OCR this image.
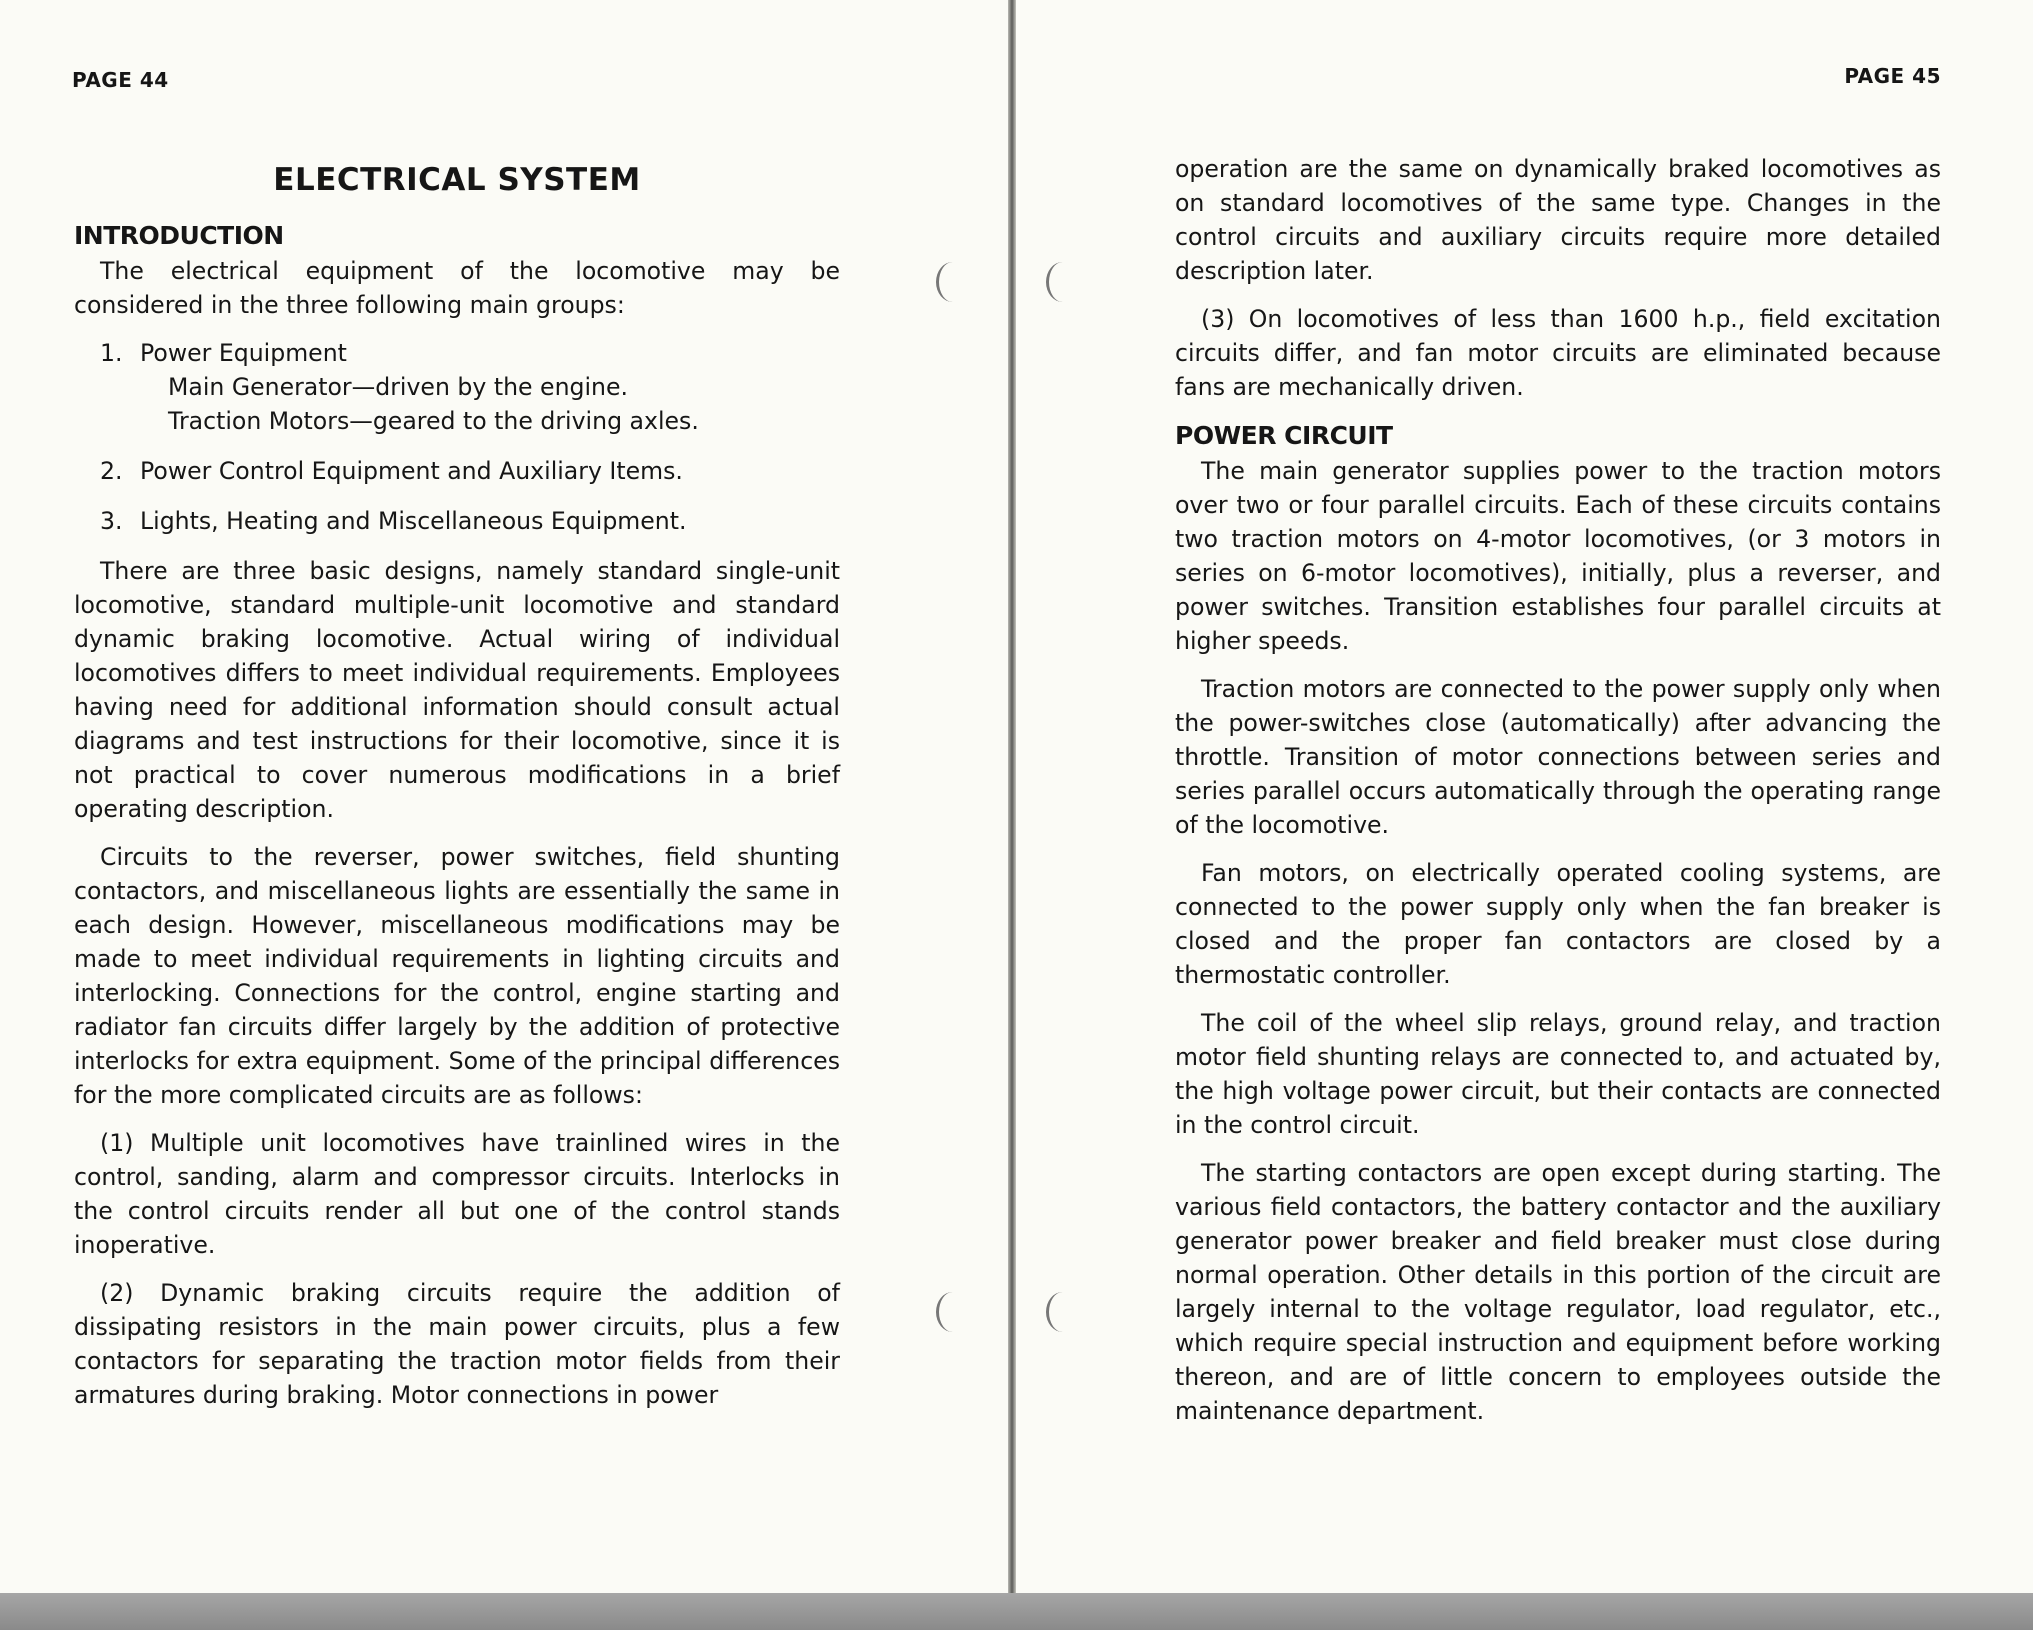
PAGE 44
ELECTRICAL SYSTEM
INTRODUCTION

The electrical equipment of the locomotive may be considered in the three following main groups:

1. Power Equipment
Main Generator—driven by the engine.
Traction Motors—geared to the driving axles.
2. Power Control Equipment and Auxiliary Items.
3. Lights, Heating and Miscellaneous Equipment.

There are three basic designs, namely standard single-unit locomotive, standard multiple-unit locomotive and standard dynamic braking locomotive. Actual wiring of individual locomotives differs to meet individual requirements. Employees having need for additional information should consult actual diagrams and test instructions for their locomotive, since it is not practical to cover numerous modifications in a brief operating description.

Circuits to the reverser, power switches, field shunting contactors, and miscellaneous lights are essentially the same in each design. However, miscellaneous modifications may be made to meet individual requirements in lighting circuits and interlocking. Connections for the control, engine starting and radiator fan circuits differ largely by the addition of protective interlocks for extra equipment. Some of the principal differences for the more complicated circuits are as follows:

(1) Multiple unit locomotives have trainlined wires in the control, sanding, alarm and compressor circuits. Interlocks in the control circuits render all but one of the control stands inoperative.

(2) Dynamic braking circuits require the addition of dissipating resistors in the main power circuits, plus a few contactors for separating the traction motor fields from their armatures during braking. Motor connections in power

PAGE 45

operation are the same on dynamically braked locomotives as on standard locomotives of the same type. Changes in the control circuits and auxiliary circuits require more detailed description later.

(3) On locomotives of less than 1600 h.p., field excitation circuits differ, and fan motor circuits are eliminated because fans are mechanically driven.

POWER CIRCUIT

The main generator supplies power to the traction motors over two or four parallel circuits. Each of these circuits contains two traction motors on 4-motor locomotives, (or 3 motors in series on 6-motor locomotives), initially, plus a reverser, and power switches. Transition establishes four parallel circuits at higher speeds.

Traction motors are connected to the power supply only when the power-switches close (automatically) after advancing the throttle. Transition of motor connections between series and series parallel occurs automatically through the operating range of the locomotive.

Fan motors, on electrically operated cooling systems, are connected to the power supply only when the fan breaker is closed and the proper fan contactors are closed by a thermostatic controller.

The coil of the wheel slip relays, ground relay, and traction motor field shunting relays are connected to, and actuated by, the high voltage power circuit, but their contacts are connected in the control circuit.

The starting contactors are open except during starting. The various field contactors, the battery contactor and the auxiliary generator power breaker and field breaker must close during normal operation. Other details in this portion of the circuit are largely internal to the voltage regulator, load regulator, etc., which require special instruction and equipment before working thereon, and are of little concern to employees outside the maintenance department.
